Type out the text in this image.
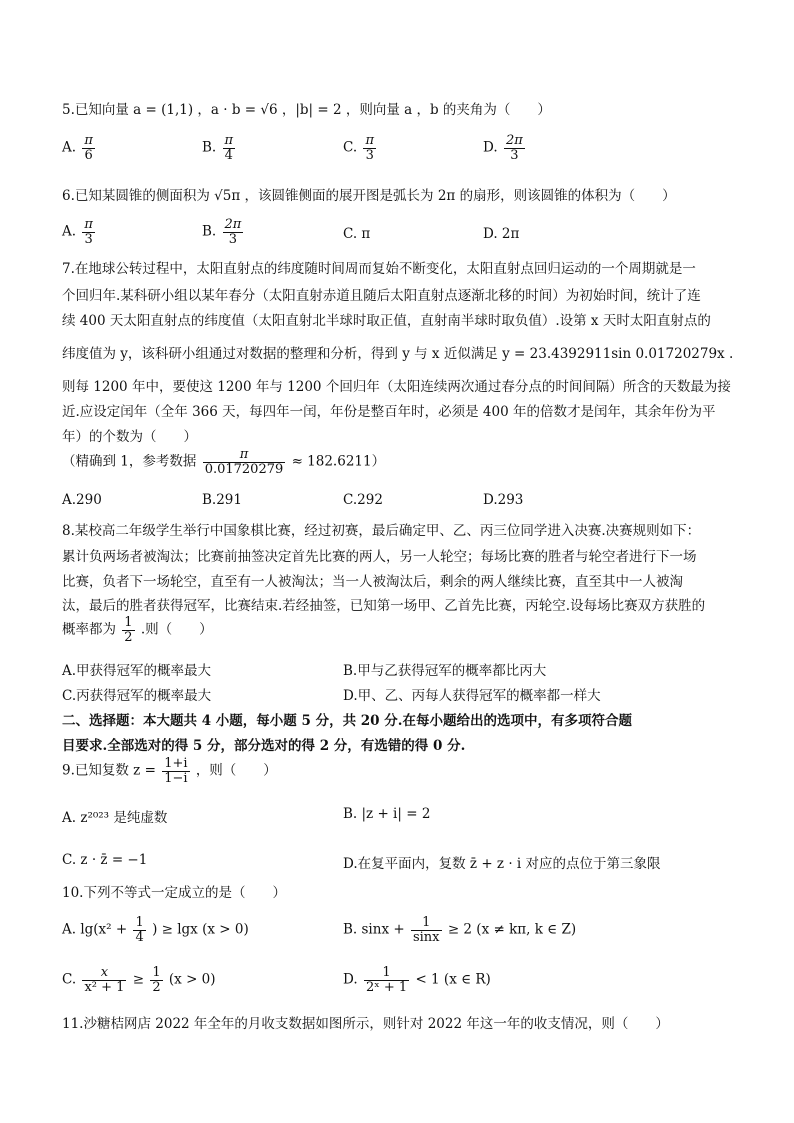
5.已知向量 a = (1,1) ，a · b = √6 ，|b| = 2 ，则向量 a ，b 的夹角为（　　）
A. $\frac{\pi}{6}$	B. $\frac{\pi}{4}$	C. $\frac{\pi}{3}$	D. $\frac{2\pi}{3}$
6.已知某圆锥的侧面积为 √5π ，该圆锥侧面的展开图是弧长为 2π 的扇形，则该圆锥的体积为（　　）
A. $\frac{\pi}{3}$	B. $\frac{2\pi}{3}$	C. π	D. 2π
7.在地球公转过程中，太阳直射点的纬度随时间周而复始不断变化，太阳直射点回归运动的一个周期就是一
个回归年.某科研小组以某年春分（太阳直射赤道且随后太阳直射点逐渐北移的时间）为初始时间，统计了连
续 400 天太阳直射点的纬度值（太阳直射北半球时取正值，直射南半球时取负值）.设第 x 天时太阳直射点的
纬度值为 y，该科研小组通过对数据的整理和分析，得到 y 与 x 近似满足 y = 23.4392911sin 0.01720279x .
则每 1200 年中，要使这 1200 年与 1200 个回归年（太阳连续两次通过春分点的时间间隔）所含的天数最为接
近.应设定闰年（全年 366 天，每四年一闰，年份是整百年时，必须是 400 年的倍数才是闰年，其余年份为平
年）的个数为（　　）
（精确到 1，参考数据 $\frac{\pi}{0.01720279} \approx 182.6211$）
A.290	B.291	C.292	D.293
8.某校高二年级学生举行中国象棋比赛，经过初赛，最后确定甲、乙、丙三位同学进入决赛.决赛规则如下：
累计负两场者被淘汰；比赛前抽签决定首先比赛的两人，另一人轮空；每场比赛的胜者与轮空者进行下一场
比赛，负者下一场轮空，直至有一人被淘汰；当一人被淘汰后，剩余的两人继续比赛，直至其中一人被淘
汰，最后的胜者获得冠军，比赛结束.若经抽签，已知第一场甲、乙首先比赛，丙轮空.设每场比赛双方获胜的
概率都为 $\frac{1}{2}$ .则（　　）
A.甲获得冠军的概率最大	B.甲与乙获得冠军的概率都比丙大
C.丙获得冠军的概率最大	D.甲、乙、丙每人获得冠军的概率都一样大
二、选择题：本大题共 4 小题，每小题 5 分，共 20 分.在每小题给出的选项中，有多项符合题
目要求.全部选对的得 5 分，部分选对的得 2 分，有选错的得 0 分.
9.已知复数 $z = \frac{1+i}{1-i}$ ，则（　　）
A. z²⁰²³ 是纯虚数	B. |z + i| = 2
C. z · z̄ = −1	D.在复平面内，复数 z̄ + z · i 对应的点位于第三象限
10.下列不等式一定成立的是（　　）
A. $\lg(x^2 + \frac{1}{4}$ ) ≥ lgx (x > 0)	B. $\sin x + \frac{1}{\sin x} \ge 2$ (x ≠ kπ, k ∈ Z)
C. $\frac{x}{\text{x² + 1}} \ge \frac{1}{2} (x > 0)$	D. $\frac{1}{\text{2ˣ + 1}} < 1$ (x ∈ R)
11.沙糖桔网店 2022 年全年的月收支数据如图所示，则针对 2022 年这一年的收支情况，则（　　）
